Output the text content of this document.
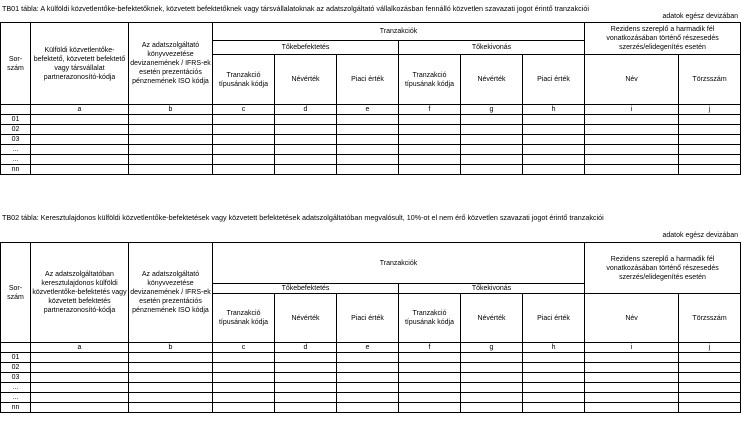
TB01 tábla: A külföldi közvetlentőke-befektetőknek, közvetett befektetőknek vagy társvállalatoknak az adatszolgáltató vállalkozásban fennálló közvetlen szavazati jogot érintő tranzakciói
adatok egész devizában
Sor-szám	Külföldi közvetlentőke-befektető, közvetett befektető vagy társvállalat partnerazonosító-kódja	Az adatszolgáltató könyvvezetése devizanemének / IFRS-ek esetén prezentációs pénznemének ISO kódja	Tranzakciók						Rezidens szereplő a harmadik fél vonatkozásában történő részesedés szerzés/elidegenítés esetén	
			Tőkebefektetés			Tőkekivonás				
			Tranzakció típusának kódja	Névérték	Piaci érték	Tranzakció típusának kódja	Névérték	Piaci érték	Név	Törzsszám
	a	b	c	d	e	f	g	h	i	j
01										
02										
03										
…										
…										
nn										
TB02 tábla: Keresztulajdonos külföldi közvetlentőke-befektetések vagy közvetett befektetések adatszolgáltatóban megvalósult, 10%-ot el nem érő közvetlen szavazati jogot érintő tranzakciói
adatok egész devizában
Sor-szám	Az adatszolgáltatóban keresztulajdonos külföldi közvetlentőke-befektetés vagy közvetett befektetés partnerazonosító-kódja	Az adatszolgáltató könyvvezetése devizanemének / IFRS-ek esetén prezentációs pénznemének ISO kódja	Tranzakciók						Rezidens szereplő a harmadik fél vonatkozásában történő részesedés szerzés/elidegenítés esetén	
			Tőkebefektetés			Tőkekivonás				
			Tranzakció típusának kódja	Névérték	Piaci érték	Tranzakció típusának kódja	Névérték	Piaci érték	Név	Törzsszám
	a	b	c	d	e	f	g	h	i	j
01										
02										
03										
…										
…										
nn										
